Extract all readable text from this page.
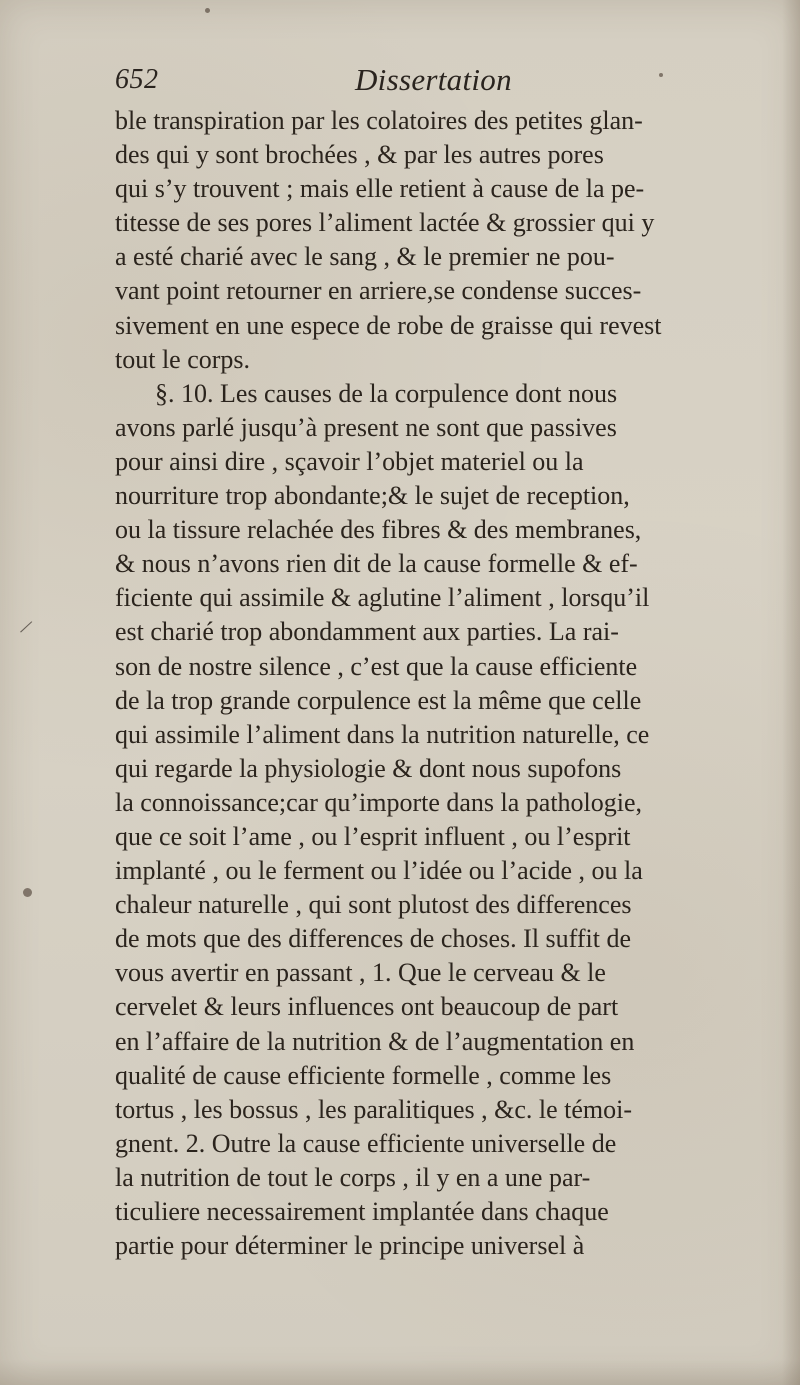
652	Dissertation
ble transpiration par les colatoires des petites glan-
des qui y sont brochées , & par les autres pores
qui s’y trouvent ; mais elle retient à cause de la pe-
titesse de ses pores l’aliment lactée & grossier qui y
a esté charié avec le sang , & le premier ne pou-
vant point retourner en arriere,se condense succes-
sivement en une espece de robe de graisse qui revest
tout le corps.
§. 10. Les causes de la corpulence dont nous
avons parlé jusqu’à present ne sont que passives
pour ainsi dire , sçavoir l’objet materiel ou la
nourriture trop abondante;& le sujet de reception,
ou la tissure relachée des fibres & des membranes,
& nous n’avons rien dit de la cause formelle & ef-
ficiente qui assimile & aglutine l’aliment , lorsqu’il
est charié trop abondamment aux parties. La rai-
son de nostre silence , c’est que la cause efficiente
de la trop grande corpulence est la même que celle
qui assimile l’aliment dans la nutrition naturelle, ce
qui regarde la physiologie & dont nous supofons
la connoissance;car qu’importe dans la pathologie,
que ce soit l’ame , ou l’esprit influent , ou l’esprit
implanté , ou le ferment ou l’idée ou l’acide , ou la
chaleur naturelle , qui sont plutost des differences
de mots que des differences de choses. Il suffit de
vous avertir en passant , 1. Que le cerveau & le
cervelet & leurs influences ont beaucoup de part
en l’affaire de la nutrition & de l’augmentation en
qualité de cause efficiente formelle , comme les
tortus , les bossus , les paralitiques , &c. le témoi-
gnent. 2. Outre la cause efficiente universelle de
la nutrition de tout le corps , il y en a une par-
ticuliere necessairement implantée dans chaque
partie pour déterminer le principe universel à
/
